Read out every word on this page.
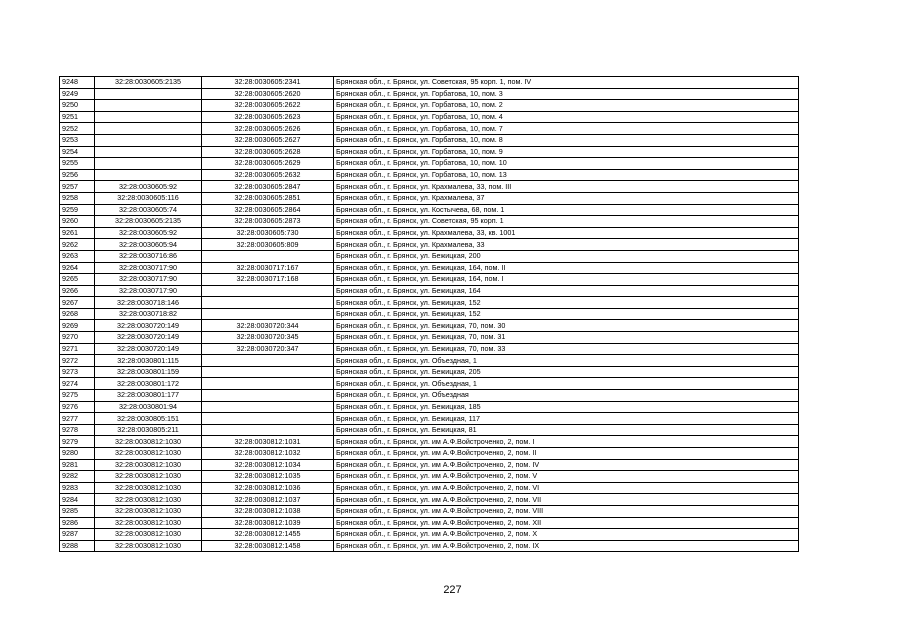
9248	32:28:0030605:2135	32:28:0030605:2341	Брянская обл., г. Брянск, ул. Советская, 95 корп. 1, пом. IV
9249		32:28:0030605:2620	Брянская обл., г. Брянск, ул. Горбатова, 10, пом. 3
9250		32:28:0030605:2622	Брянская обл., г. Брянск, ул. Горбатова, 10, пом. 2
9251		32:28:0030605:2623	Брянская обл., г. Брянск, ул. Горбатова, 10, пом. 4
9252		32:28:0030605:2626	Брянская обл., г. Брянск, ул. Горбатова, 10, пом. 7
9253		32:28:0030605:2627	Брянская обл., г. Брянск, ул. Горбатова, 10, пом. 8
9254		32:28:0030605:2628	Брянская обл., г. Брянск, ул. Горбатова, 10, пом. 9
9255		32:28:0030605:2629	Брянская обл., г. Брянск, ул. Горбатова, 10, пом. 10
9256		32:28:0030605:2632	Брянская обл., г. Брянск, ул. Горбатова, 10, пом. 13
9257	32:28:0030605:92	32:28:0030605:2847	Брянская обл., г. Брянск, ул. Крахмалева, 33, пом. III
9258	32:28:0030605:116	32:28:0030605:2851	Брянская обл., г. Брянск, ул. Крахмалева, 37
9259	32:28:0030605:74	32:28:0030605:2864	Брянская обл., г. Брянск, ул. Костычева, 68, пом. 1
9260	32:28:0030605:2135	32:28:0030605:2873	Брянская обл., г. Брянск, ул. Советская, 95 корп. 1
9261	32:28:0030605:92	32:28:0030605:730	Брянская обл., г. Брянск, ул. Крахмалева, 33, кв. 1001
9262	32:28:0030605:94	32:28:0030605:809	Брянская обл., г. Брянск, ул. Крахмалева, 33
9263	32:28:0030716:86		Брянская обл., г. Брянск, ул. Бежицкая, 200
9264	32:28:0030717:90	32:28:0030717:167	Брянская обл., г. Брянск, ул. Бежицкая, 164, пом. II
9265	32:28:0030717:90	32:28:0030717:168	Брянская обл., г. Брянск, ул. Бежицкая, 164, пом. I
9266	32:28:0030717:90		Брянская обл., г. Брянск, ул. Бежицкая, 164
9267	32:28:0030718:146		Брянская обл., г. Брянск, ул. Бежицкая, 152
9268	32:28:0030718:82		Брянская обл., г. Брянск, ул. Бежицкая, 152
9269	32:28:0030720:149	32:28:0030720:344	Брянская обл., г. Брянск, ул. Бежицкая, 70, пом. 30
9270	32:28:0030720:149	32:28:0030720:345	Брянская обл., г. Брянск, ул. Бежицкая, 70, пом. 31
9271	32:28:0030720:149	32:28:0030720:347	Брянская обл., г. Брянск, ул. Бежицкая, 70, пом. 33
9272	32:28:0030801:115		Брянская обл., г. Брянск, ул. Объездная, 1
9273	32:28:0030801:159		Брянская обл., г. Брянск, ул. Бежицкая, 205
9274	32:28:0030801:172		Брянская обл., г. Брянск, ул. Объездная, 1
9275	32:28:0030801:177		Брянская обл., г. Брянск, ул. Объездная
9276	32:28:0030801:94		Брянская обл., г. Брянск, ул. Бежицкая, 185
9277	32:28:0030805:151		Брянская обл., г. Брянск, ул. Бежицкая, 117
9278	32:28:0030805:211		Брянская обл., г. Брянск, ул. Бежицкая, 81
9279	32:28:0030812:1030	32:28:0030812:1031	Брянская обл., г. Брянск, ул. им А.Ф.Войстроченко, 2, пом. I
9280	32:28:0030812:1030	32:28:0030812:1032	Брянская обл., г. Брянск, ул. им А.Ф.Войстроченко, 2, пом. II
9281	32:28:0030812:1030	32:28:0030812:1034	Брянская обл., г. Брянск, ул. им А.Ф.Войстроченко, 2, пом. IV
9282	32:28:0030812:1030	32:28:0030812:1035	Брянская обл., г. Брянск, ул. им А.Ф.Войстроченко, 2, пом. V
9283	32:28:0030812:1030	32:28:0030812:1036	Брянская обл., г. Брянск, ул. им А.Ф.Войстроченко, 2, пом. VI
9284	32:28:0030812:1030	32:28:0030812:1037	Брянская обл., г. Брянск, ул. им А.Ф.Войстроченко, 2, пом. VII
9285	32:28:0030812:1030	32:28:0030812:1038	Брянская обл., г. Брянск, ул. им А.Ф.Войстроченко, 2, пом. VIII
9286	32:28:0030812:1030	32:28:0030812:1039	Брянская обл., г. Брянск, ул. им А.Ф.Войстроченко, 2, пом. XII
9287	32:28:0030812:1030	32:28:0030812:1455	Брянская обл., г. Брянск, ул. им А.Ф.Войстроченко, 2, пом. X
9288	32:28:0030812:1030	32:28:0030812:1458	Брянская обл., г. Брянск, ул. им А.Ф.Войстроченко, 2, пом. IX
227
